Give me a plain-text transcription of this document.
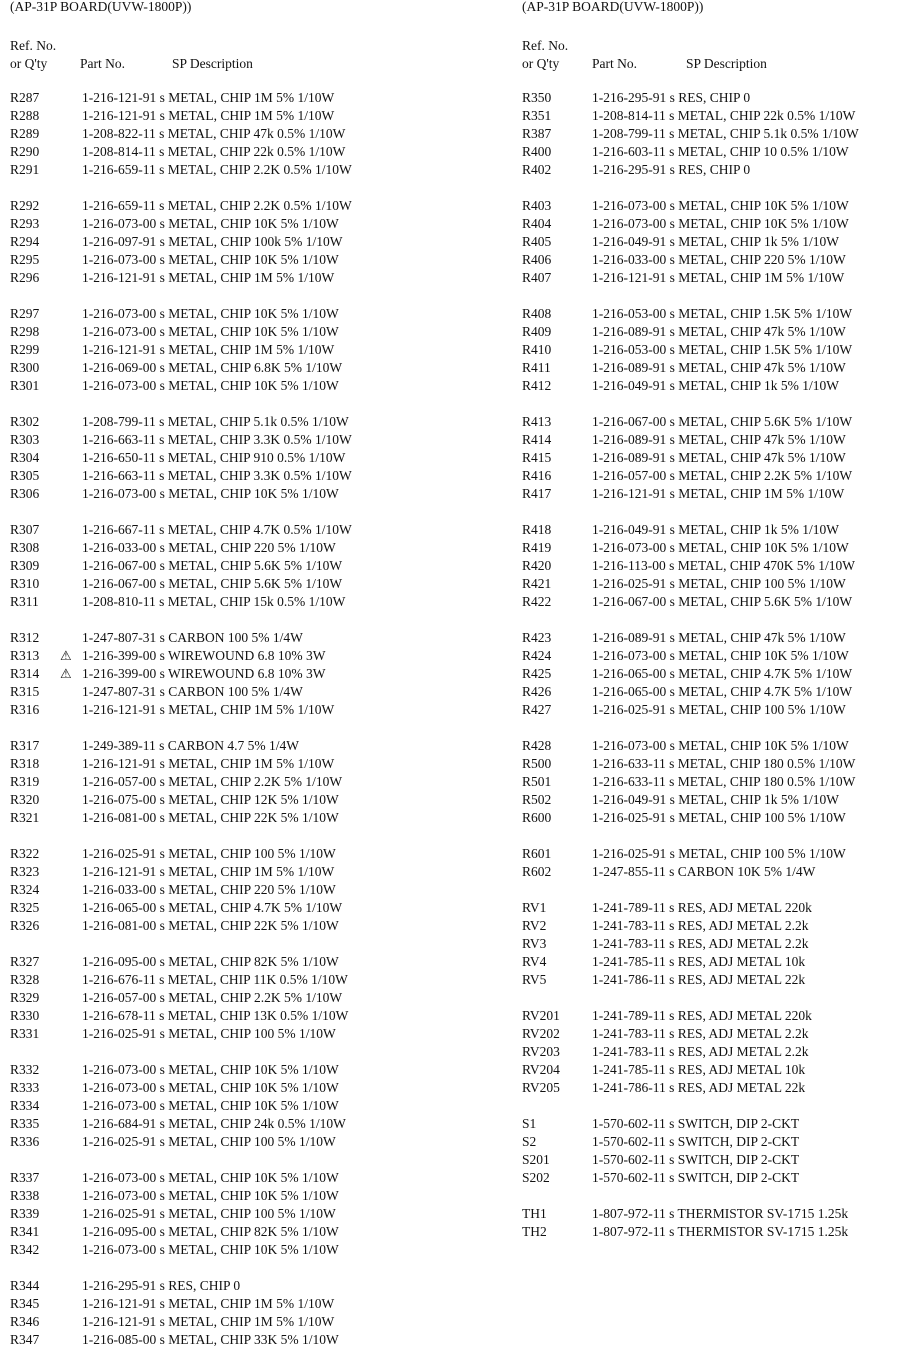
(AP-31P BOARD(UVW-1800P))
Ref. No.
or Q'ty	Part No.	SP Description
R287	1-216-121-91 s METAL, CHIP 1M 5% 1/10W
R288	1-216-121-91 s METAL, CHIP 1M 5% 1/10W
R289	1-208-822-11 s METAL, CHIP 47k 0.5% 1/10W
R290	1-208-814-11 s METAL, CHIP 22k 0.5% 1/10W
R291	1-216-659-11 s METAL, CHIP 2.2K 0.5% 1/10W
R292	1-216-659-11 s METAL, CHIP 2.2K 0.5% 1/10W
R293	1-216-073-00 s METAL, CHIP 10K 5% 1/10W
R294	1-216-097-91 s METAL, CHIP 100k 5% 1/10W
R295	1-216-073-00 s METAL, CHIP 10K 5% 1/10W
R296	1-216-121-91 s METAL, CHIP 1M 5% 1/10W
R297	1-216-073-00 s METAL, CHIP 10K 5% 1/10W
R298	1-216-073-00 s METAL, CHIP 10K 5% 1/10W
R299	1-216-121-91 s METAL, CHIP 1M 5% 1/10W
R300	1-216-069-00 s METAL, CHIP 6.8K 5% 1/10W
R301	1-216-073-00 s METAL, CHIP 10K 5% 1/10W
R302	1-208-799-11 s METAL, CHIP 5.1k 0.5% 1/10W
R303	1-216-663-11 s METAL, CHIP 3.3K 0.5% 1/10W
R304	1-216-650-11 s METAL, CHIP 910 0.5% 1/10W
R305	1-216-663-11 s METAL, CHIP 3.3K 0.5% 1/10W
R306	1-216-073-00 s METAL, CHIP 10K 5% 1/10W
R307	1-216-667-11 s METAL, CHIP 4.7K 0.5% 1/10W
R308	1-216-033-00 s METAL, CHIP 220 5% 1/10W
R309	1-216-067-00 s METAL, CHIP 5.6K 5% 1/10W
R310	1-216-067-00 s METAL, CHIP 5.6K 5% 1/10W
R311	1-208-810-11 s METAL, CHIP 15k 0.5% 1/10W
R312	1-247-807-31 s CARBON 100 5% 1/4W
R313 ⚠ 1-216-399-00 s WIREWOUND 6.8 10% 3W
R314 ⚠ 1-216-399-00 s WIREWOUND 6.8 10% 3W
R315	1-247-807-31 s CARBON 100 5% 1/4W
R316	1-216-121-91 s METAL, CHIP 1M 5% 1/10W
R317	1-249-389-11 s CARBON 4.7 5% 1/4W
R318	1-216-121-91 s METAL, CHIP 1M 5% 1/10W
R319	1-216-057-00 s METAL, CHIP 2.2K 5% 1/10W
R320	1-216-075-00 s METAL, CHIP 12K 5% 1/10W
R321	1-216-081-00 s METAL, CHIP 22K 5% 1/10W
R322	1-216-025-91 s METAL, CHIP 100 5% 1/10W
R323	1-216-121-91 s METAL, CHIP 1M 5% 1/10W
R324	1-216-033-00 s METAL, CHIP 220 5% 1/10W
R325	1-216-065-00 s METAL, CHIP 4.7K 5% 1/10W
R326	1-216-081-00 s METAL, CHIP 22K 5% 1/10W
R327	1-216-095-00 s METAL, CHIP 82K 5% 1/10W
R328	1-216-676-11 s METAL, CHIP 11K 0.5% 1/10W
R329	1-216-057-00 s METAL, CHIP 2.2K 5% 1/10W
R330	1-216-678-11 s METAL, CHIP 13K 0.5% 1/10W
R331	1-216-025-91 s METAL, CHIP 100 5% 1/10W
R332	1-216-073-00 s METAL, CHIP 10K 5% 1/10W
R333	1-216-073-00 s METAL, CHIP 10K 5% 1/10W
R334	1-216-073-00 s METAL, CHIP 10K 5% 1/10W
R335	1-216-684-91 s METAL, CHIP 24k 0.5% 1/10W
R336	1-216-025-91 s METAL, CHIP 100 5% 1/10W
R337	1-216-073-00 s METAL, CHIP 10K 5% 1/10W
R338	1-216-073-00 s METAL, CHIP 10K 5% 1/10W
R339	1-216-025-91 s METAL, CHIP 100 5% 1/10W
R341	1-216-095-00 s METAL, CHIP 82K 5% 1/10W
R342	1-216-073-00 s METAL, CHIP 10K 5% 1/10W
R344	1-216-295-91 s RES, CHIP 0
R345	1-216-121-91 s METAL, CHIP 1M 5% 1/10W
R346	1-216-121-91 s METAL, CHIP 1M 5% 1/10W
R347	1-216-085-00 s METAL, CHIP 33K 5% 1/10W
(AP-31P BOARD(UVW-1800P))
Ref. No.
or Q'ty	Part No.	SP Description
R350	1-216-295-91 s RES, CHIP 0
R351	1-208-814-11 s METAL, CHIP 22k 0.5% 1/10W
R387	1-208-799-11 s METAL, CHIP 5.1k 0.5% 1/10W
R400	1-216-603-11 s METAL, CHIP 10 0.5% 1/10W
R402	1-216-295-91 s RES, CHIP 0
R403	1-216-073-00 s METAL, CHIP 10K 5% 1/10W
R404	1-216-073-00 s METAL, CHIP 10K 5% 1/10W
R405	1-216-049-91 s METAL, CHIP 1k 5% 1/10W
R406	1-216-033-00 s METAL, CHIP 220 5% 1/10W
R407	1-216-121-91 s METAL, CHIP 1M 5% 1/10W
R408	1-216-053-00 s METAL, CHIP 1.5K 5% 1/10W
R409	1-216-089-91 s METAL, CHIP 47k 5% 1/10W
R410	1-216-053-00 s METAL, CHIP 1.5K 5% 1/10W
R411	1-216-089-91 s METAL, CHIP 47k 5% 1/10W
R412	1-216-049-91 s METAL, CHIP 1k 5% 1/10W
R413	1-216-067-00 s METAL, CHIP 5.6K 5% 1/10W
R414	1-216-089-91 s METAL, CHIP 47k 5% 1/10W
R415	1-216-089-91 s METAL, CHIP 47k 5% 1/10W
R416	1-216-057-00 s METAL, CHIP 2.2K 5% 1/10W
R417	1-216-121-91 s METAL, CHIP 1M 5% 1/10W
R418	1-216-049-91 s METAL, CHIP 1k 5% 1/10W
R419	1-216-073-00 s METAL, CHIP 10K 5% 1/10W
R420	1-216-113-00 s METAL, CHIP 470K 5% 1/10W
R421	1-216-025-91 s METAL, CHIP 100 5% 1/10W
R422	1-216-067-00 s METAL, CHIP 5.6K 5% 1/10W
R423	1-216-089-91 s METAL, CHIP 47k 5% 1/10W
R424	1-216-073-00 s METAL, CHIP 10K 5% 1/10W
R425	1-216-065-00 s METAL, CHIP 4.7K 5% 1/10W
R426	1-216-065-00 s METAL, CHIP 4.7K 5% 1/10W
R427	1-216-025-91 s METAL, CHIP 100 5% 1/10W
R428	1-216-073-00 s METAL, CHIP 10K 5% 1/10W
R500	1-216-633-11 s METAL, CHIP 180 0.5% 1/10W
R501	1-216-633-11 s METAL, CHIP 180 0.5% 1/10W
R502	1-216-049-91 s METAL, CHIP 1k 5% 1/10W
R600	1-216-025-91 s METAL, CHIP 100 5% 1/10W
R601	1-216-025-91 s METAL, CHIP 100 5% 1/10W
R602	1-247-855-11 s CARBON 10K 5% 1/4W
RV1	1-241-789-11 s RES, ADJ METAL 220k
RV2	1-241-783-11 s RES, ADJ METAL 2.2k
RV3	1-241-783-11 s RES, ADJ METAL 2.2k
RV4	1-241-785-11 s RES, ADJ METAL 10k
RV5	1-241-786-11 s RES, ADJ METAL 22k
RV201 1-241-789-11 s RES, ADJ METAL 220k
RV202 1-241-783-11 s RES, ADJ METAL 2.2k
RV203 1-241-783-11 s RES, ADJ METAL 2.2k
RV204 1-241-785-11 s RES, ADJ METAL 10k
RV205 1-241-786-11 s RES, ADJ METAL 22k
S1	1-570-602-11 s SWITCH, DIP 2-CKT
S2	1-570-602-11 s SWITCH, DIP 2-CKT
S201	1-570-602-11 s SWITCH, DIP 2-CKT
S202	1-570-602-11 s SWITCH, DIP 2-CKT
TH1	1-807-972-11 s THERMISTOR SV-1715 1.25k
TH2	1-807-972-11 s THERMISTOR SV-1715 1.25k
